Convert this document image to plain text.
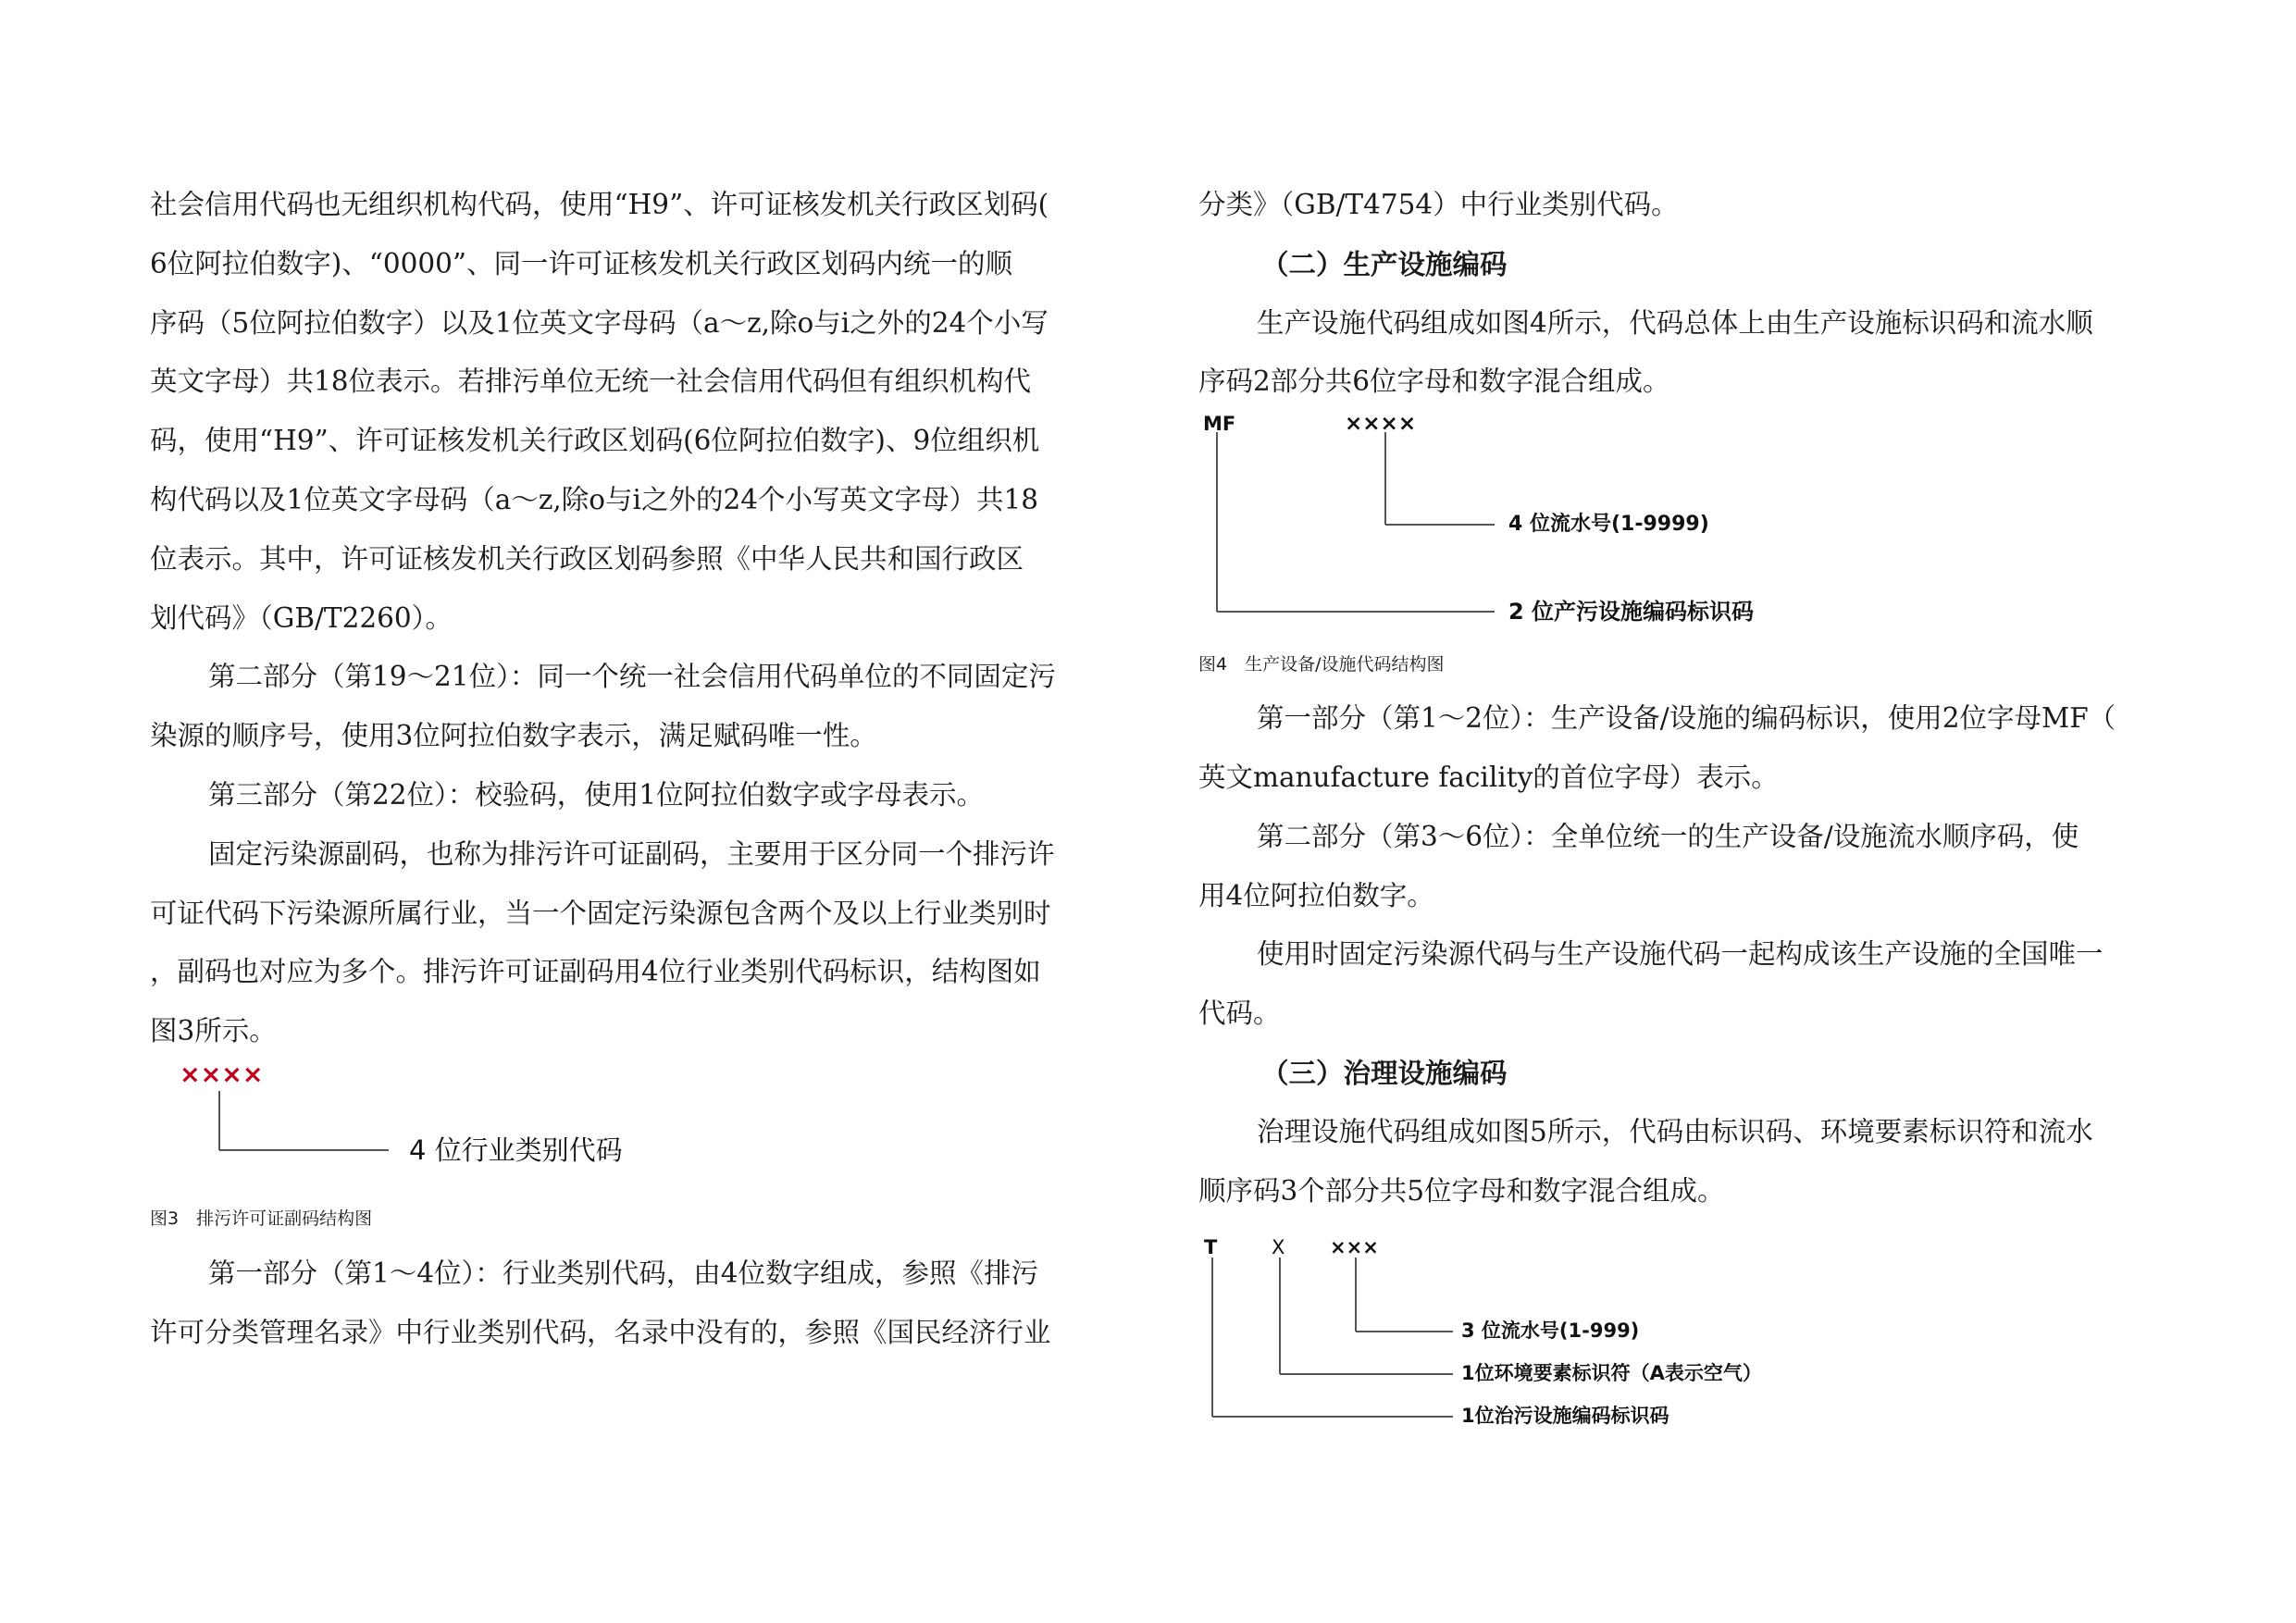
社会信用代码也无组织机构代码，使用“H9”、许可证核发机关行政区划码(
6位阿拉伯数字)、“0000”、同一许可证核发机关行政区划码内统一的顺
序码（5位阿拉伯数字）以及1位英文字母码（a～z,除o与i之外的24个小写
英文字母）共18位表示。若排污单位无统一社会信用代码但有组织机构代
码，使用“H9”、许可证核发机关行政区划码(6位阿拉伯数字)、9位组织机
构代码以及1位英文字母码（a～z,除o与i之外的24个小写英文字母）共18
位表示。其中，许可证核发机关行政区划码参照《中华人民共和国行政区
划代码》（GB/T2260）。
第二部分（第19～21位）：同一个统一社会信用代码单位的不同固定污
染源的顺序号，使用3位阿拉伯数字表示，满足赋码唯一性。
第三部分（第22位）：校验码，使用1位阿拉伯数字或字母表示。
固定污染源副码，也称为排污许可证副码，主要用于区分同一个排污许
可证代码下污染源所属行业，当一个固定污染源包含两个及以上行业类别时
，副码也对应为多个。排污许可证副码用4位行业类别代码标识，结构图如
图3所示。
××××
4 位行业类别代码
图3　排污许可证副码结构图
第一部分（第1～4位）：行业类别代码，由4位数字组成，参照《排污
许可分类管理名录》中行业类别代码，名录中没有的，参照《国民经济行业
分类》（GB/T4754）中行业类别代码。
（二）生产设施编码
生产设施代码组成如图4所示，代码总体上由生产设施标识码和流水顺
序码2部分共6位字母和数字混合组成。
MF	××××
4 位流水号(1-9999)
2 位产污设施编码标识码
图4　生产设备/设施代码结构图
第一部分（第1～2位）：生产设备/设施的编码标识，使用2位字母MF（
英文manufacture facility的首位字母）表示。
第二部分（第3～6位）：全单位统一的生产设备/设施流水顺序码，使
用4位阿拉伯数字。
使用时固定污染源代码与生产设施代码一起构成该生产设施的全国唯一
代码。
（三）治理设施编码
治理设施代码组成如图5所示，代码由标识码、环境要素标识符和流水
顺序码3个部分共5位字母和数字混合组成。
T	X ×××
3 位流水号(1-999)
1位环境要素标识符（A表示空气）
1位治污设施编码标识码
